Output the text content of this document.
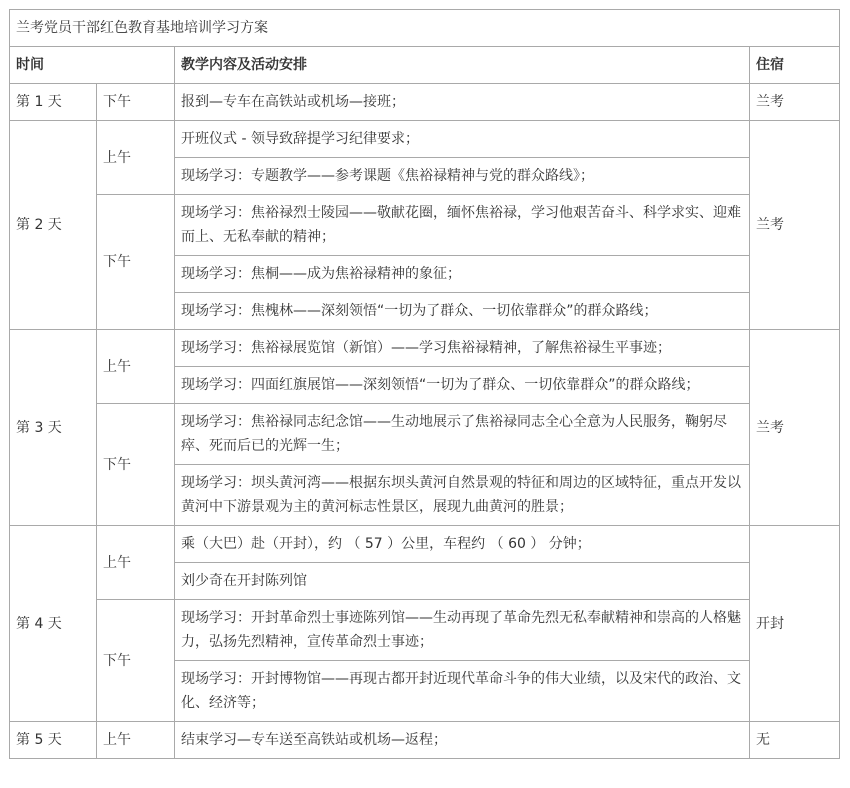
兰考党员干部红色教育基地培训学习方案			
时间		教学内容及活动安排	住宿
第 1 天	下午	报到—专车在高铁站或机场—接班；	兰考
第 2 天	上午	开班仪式 - 领导致辞提学习纪律要求；	兰考
		现场学习：专题教学——参考课题《焦裕禄精神与党的群众路线》；	
	下午	现场学习：焦裕禄烈士陵园——敬献花圈，缅怀焦裕禄，学习他艰苦奋斗、科学求实、迎难而上、无私奉献的精神；	
		现场学习：焦桐——成为焦裕禄精神的象征；	
		现场学习：焦槐林——深刻领悟“一切为了群众、一切依靠群众”的群众路线；	
第 3 天	上午	现场学习：焦裕禄展览馆（新馆）——学习焦裕禄精神，了解焦裕禄生平事迹；	兰考
		现场学习：四面红旗展馆——深刻领悟“一切为了群众、一切依靠群众”的群众路线；	
	下午	现场学习：焦裕禄同志纪念馆——生动地展示了焦裕禄同志全心全意为人民服务，鞠躬尽瘁、死而后已的光辉一生；	
		现场学习：坝头黄河湾——根据东坝头黄河自然景观的特征和周边的区域特征，重点开发以黄河中下游景观为主的黄河标志性景区，展现九曲黄河的胜景；	
第 4 天	上午	乘（大巴）赴（开封），约 （ 57 ）公里，车程约 （ 60 ） 分钟；	开封
		刘少奇在开封陈列馆	
	下午	现场学习：开封革命烈士事迹陈列馆——生动再现了革命先烈无私奉献精神和崇高的人格魅力，弘扬先烈精神，宣传革命烈士事迹；	
		现场学习：开封博物馆——再现古都开封近现代革命斗争的伟大业绩，以及宋代的政治、文化、经济等；	
第 5 天	上午	结束学习—专车送至高铁站或机场—返程；	无
